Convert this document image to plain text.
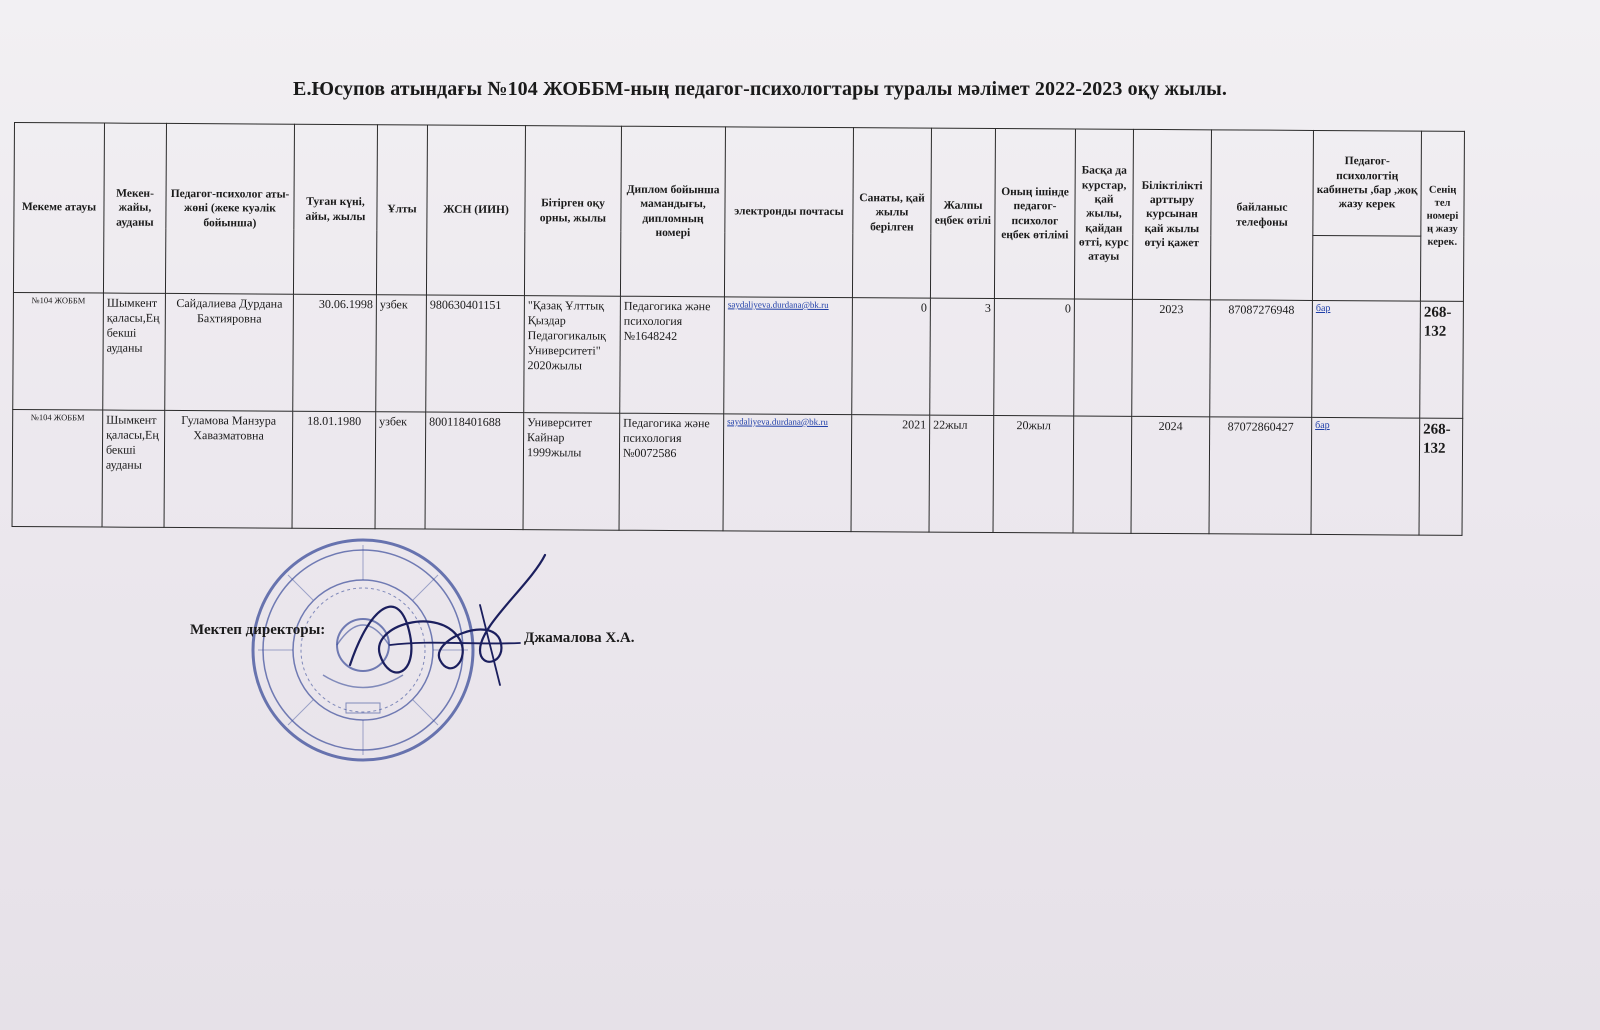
Е.Юсупов атындағы №104 ЖОББМ-ның педагог-психологтары туралы мәлімет 2022-2023 оқу жылы.
Мекеме атауы	Мекен-жайы, ауданы	Педагог-психолог аты-жөні (жеке куәлік бойынша)	Туған күні, айы, жылы	Ұлты	ЖСН (ИИН)	Бітірген оқу орны, жылы	Диплом бойынша мамандығы, дипломның номері	электронды почтасы	Санаты, қай жылы берілген	Жалпы еңбек өтілі	Оның ішінде педагог-психолог еңбек өтілімі	Басқа да курстар, қай жылы, қайдан өтті, курс атауы	Біліктілікті арттыру курсынан қай жылы өтуі қажет	байланыс телефоны	Педагог-психологтің кабинеты ,бар ,жоқ жазу керек	Сенің тел номерің жазу керек.

№104 ЖОББМ	Шымкент қаласы,Еңбекші ауданы	Сайдалиева Дурдана Бахтияровна	30.06.1998	узбек	980630401151	"Қазақ Ұлттық Қыздар Педагогикалық Университеті" 2020жылы	Педагогика және психология №1648242	saydaliyeva.durdana@bk.ru	0	3	0		2023	87087276948	бар	268-132
№104 ЖОББМ	Шымкент қаласы,Еңбекші ауданы	Гуламова Манзура Хавазматовна	18.01.1980	узбек	800118401688	Университет Кайнар 1999жылы	Педагогика және психология №0072586	saydaliyeva.durdana@bk.ru	2021	22жыл	20жыл		2024	87072860427	бар	268-132
Мектеп директоры:	Джамалова Х.А.
